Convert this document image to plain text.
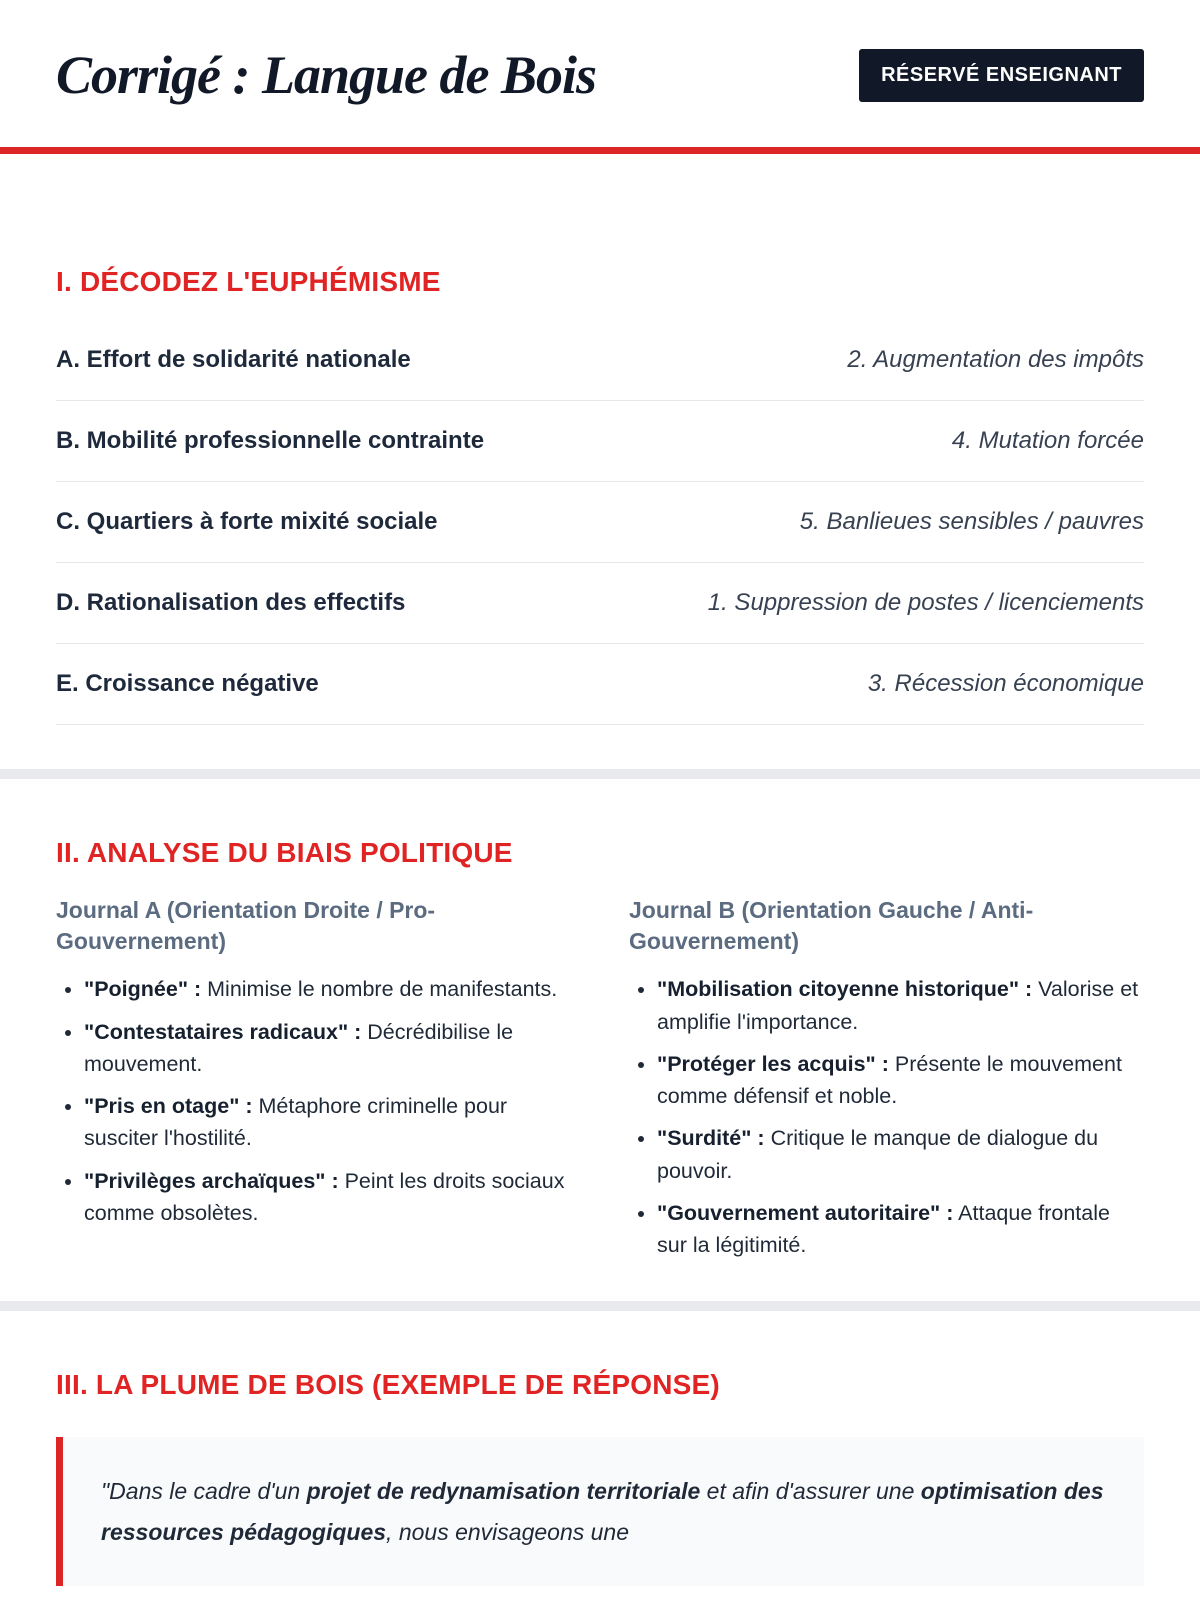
Corrigé : Langue de Bois	RÉSERVÉ ENSEIGNANT
I. DÉCODEZ L'EUPHÉMISME
A. Effort de solidarité nationale	2. Augmentation des impôts
B. Mobilité professionnelle contrainte	4. Mutation forcée
C. Quartiers à forte mixité sociale	5. Banlieues sensibles / pauvres
D. Rationalisation des effectifs	1. Suppression de postes / licenciements
E. Croissance négative	3. Récession économique
II. ANALYSE DU BIAIS POLITIQUE
Journal A (Orientation Droite / Pro-Gouvernement)
• "Poignée" : Minimise le nombre de manifestants.
• "Contestataires radicaux" : Décrédibilise le mouvement.
• "Pris en otage" : Métaphore criminelle pour susciter l'hostilité.
• "Privilèges archaïques" : Peint les droits sociaux comme obsolètes.
Journal B (Orientation Gauche / Anti-Gouvernement)
• "Mobilisation citoyenne historique" : Valorise et amplifie l'importance.
• "Protéger les acquis" : Présente le mouvement comme défensif et noble.
• "Surdité" : Critique le manque de dialogue du pouvoir.
• "Gouvernement autoritaire" : Attaque frontale sur la légitimité.
III. LA PLUME DE BOIS (EXEMPLE DE RÉPONSE)
"Dans le cadre d'un projet de redynamisation territoriale et afin d'assurer une optimisation des ressources pédagogiques, nous envisageons une
